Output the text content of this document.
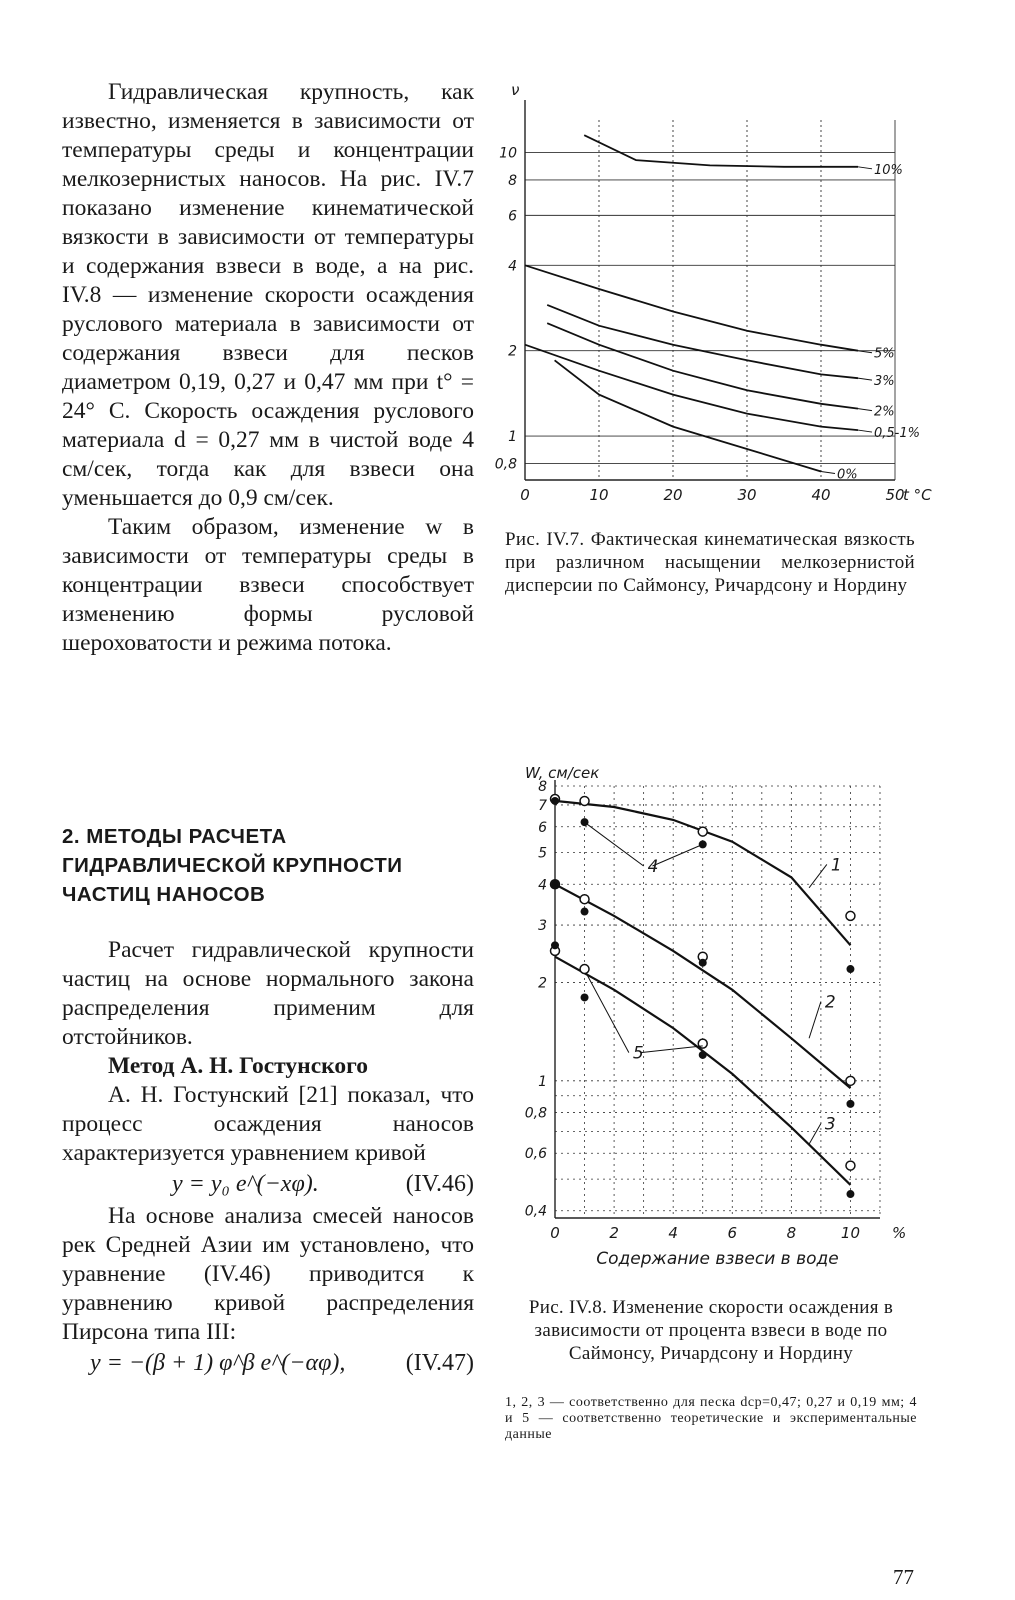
Гидравлическая крупность, как известно, изменяется в зависимости от температуры среды и концентрации мелкозернистых наносов. На рис. IV.7 показано изменение кинематической вязкости в зависимости от температуры и содержания взвеси в воде, а на рис. IV.8 — изменение скорости осаждения руслового материала в зависимости от содержания взвеси для песков диаметром 0,19, 0,27 и 0,47 мм при t° = 24° С. Скорость осаждения руслового материала d = 0,27 мм в чистой воде 4 см/сек, тогда как для взвеси она уменьшается до 0,9 см/сек.

Таким образом, изменение w в зависимости от температуры среды в концентрации взвеси способствует изменению формы русловой шероховатости и режима потока.

2. МЕТОДЫ РАСЧЕТА
ГИДРАВЛИЧЕСКОЙ КРУПНОСТИ
ЧАСТИЦ НАНОСОВ

Расчет гидравлической крупности частиц на основе нормального закона распределения применим для отстойников.

Метод А. Н. Гостунского

А. Н. Гостунский [21] показал, что процесс осаждения наносов характеризуется уравнением кривой

y = y₀ e^(−xφ).	(IV.46)

На основе анализа смесей наносов рек Средней Азии им установлено, что уравнение (IV.46) приводится к уравнению кривой распределения Пирсона типа III:

y = −(β + 1) φ^β e^(−αφ),	(IV.47)
0	10	20	30	40	50
0,8
1
2
4
6
8
10
ν
t °C
10%
5%
3%
2%
0,5-1%
0%
Рис. IV.7. Фактическая кинематическая вязкость при различном насыщении мелкозернистой дисперсии по Саймонсу, Ричардсону и Нордину
0	2	4	6	8	10 %
0,4
0,6
0,8
1
2
3
4
5
6
7
8
W, см/сек
Содержание взвеси в воде
1
2
3
4
5
Рис. IV.8. Изменение скорости осаждения в зависимости от процента взвеси в воде по Саймонсу, Ричардсону и Нордину
1, 2, 3 — соответственно для песка dср=0,47; 0,27 и 0,19 мм; 4 и 5 — соответственно теоретические и экспериментальные данные
77
